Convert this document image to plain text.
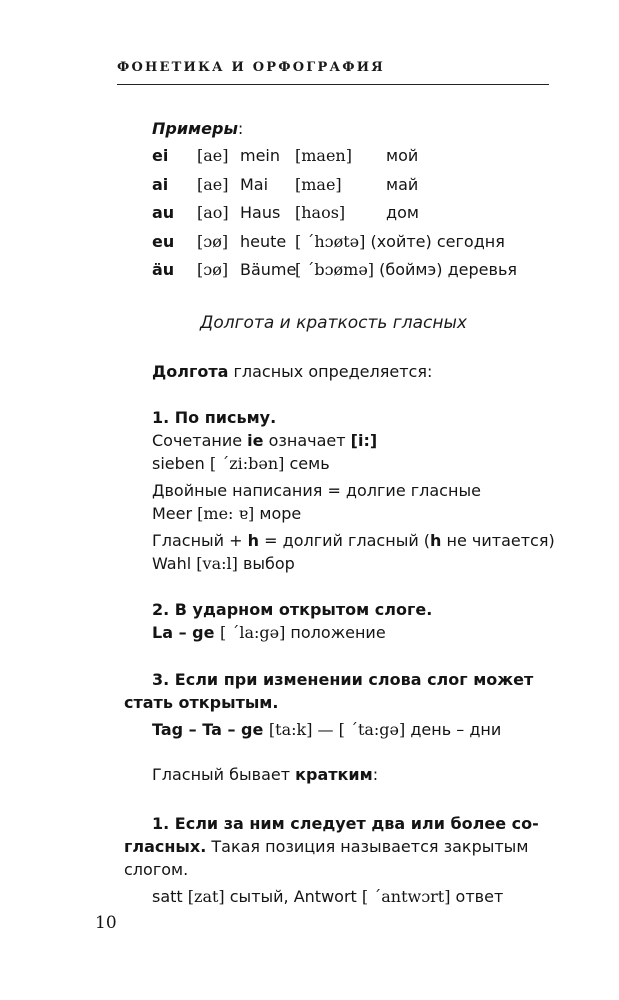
ФОНЕТИКА И ОРФОГРАФИЯ
Примеры:
ei [ae] mein [maen] мой
ai [ae] Mai [mae]	май
au [ao] Haus [haos]	дом
eu [ɔø] heute [ ´hɔøtə] (хойте) сегодня
äu [ɔø] Bäume
[ ´bɔømə] (боймэ) деревья
Долгота и краткость гласных

Долгота гласных определяется:

1. По письму.

Сочетание ie означает [i:]

sieben [ ´zi:bən] семь

Двойные написания = долгие гласные

Meer [me: ɐ] море

Гласный + h = долгий гласный (h не читается)

Wahl [va:l] выбор

2. В ударном открытом слоге.

La – ge [ ´la:gə] положение

3. Если при изменении слова слог может

стать открытым.

Tag – Ta – ge [ta:k] — [ ´ta:gə] день – дни

Гласный бывает кратким:

1. Если за ним следует два или более со-

гласных. Такая позиция называется закрытым

слогом.

satt [zat] сытый, Antwort [ ´antwɔrt] ответ

10
